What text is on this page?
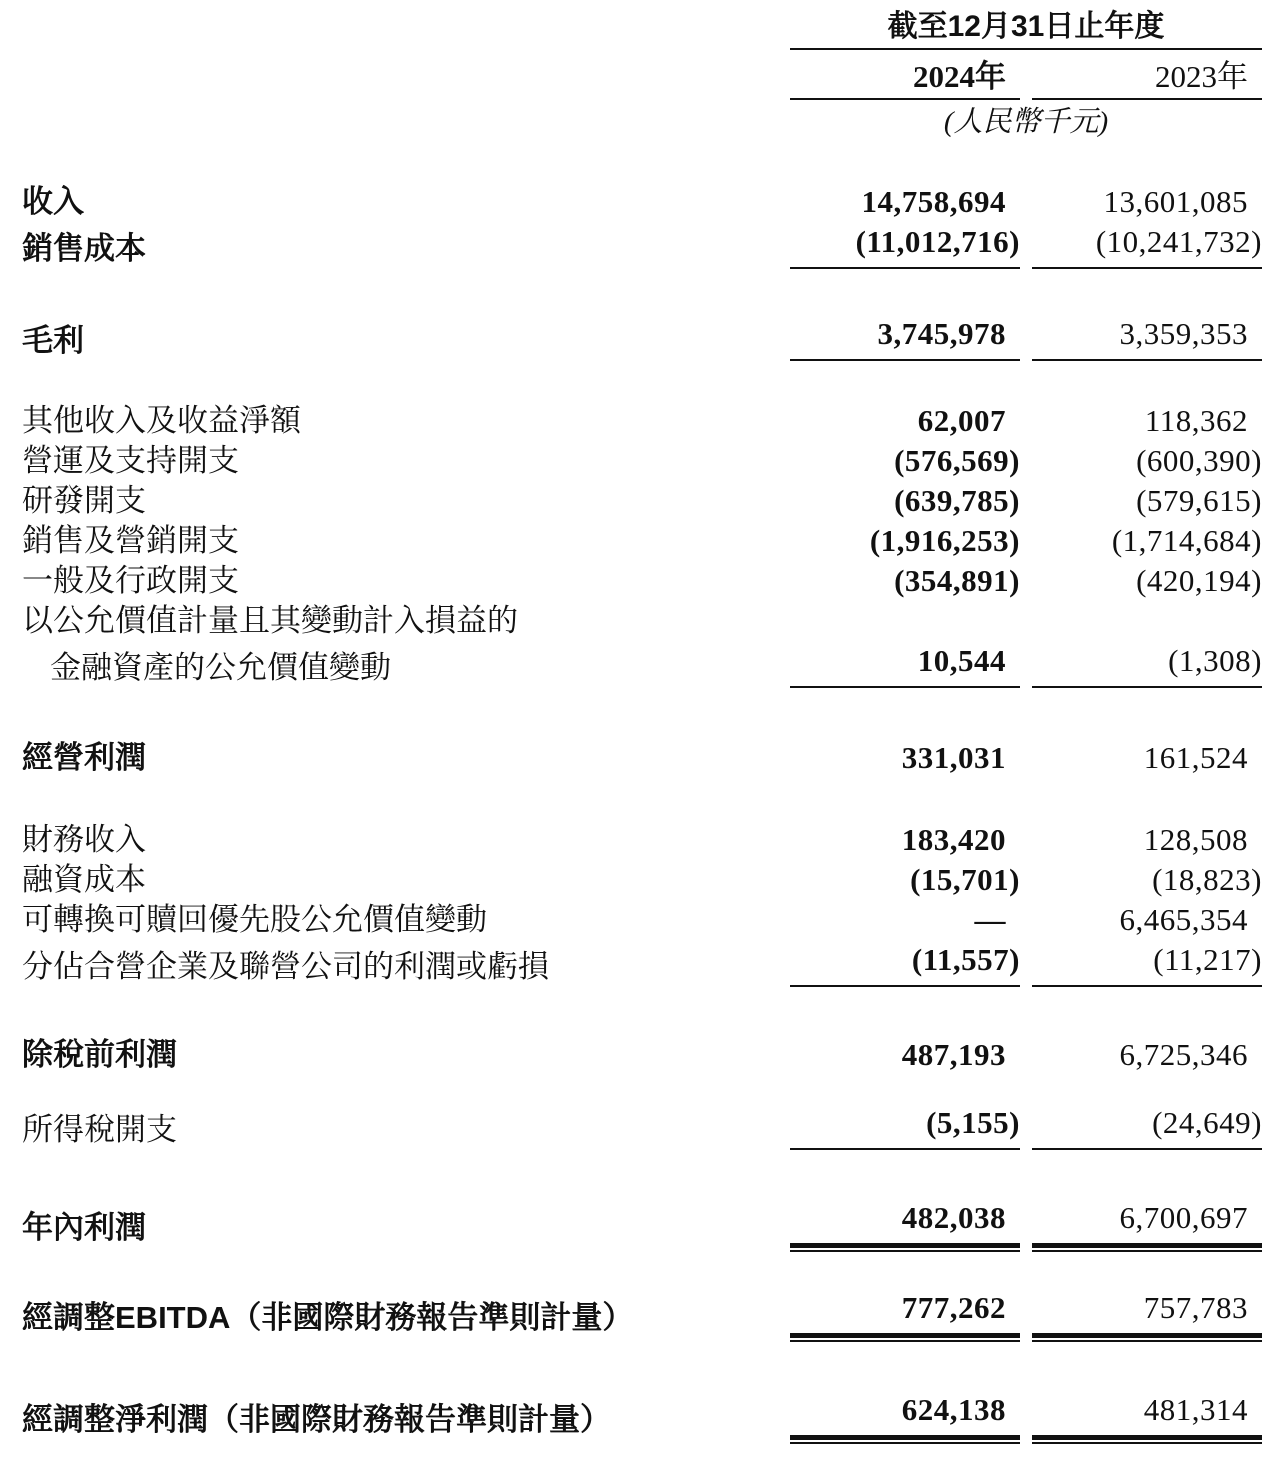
截至12月31日止年度
2024年	2023年
(人民幣千元)
收入	14,758,694	13,601,085
銷售成本	(11,012,716)	(10,241,732)
毛利	3,745,978	3,359,353
其他收入及收益淨額	62,007	118,362
營運及支持開支	(576,569)	(600,390)
研發開支	(639,785)	(579,615)
銷售及營銷開支	(1,916,253)	(1,714,684)
一般及行政開支	(354,891)	(420,194)
以公允價值計量且其變動計入損益的
金融資產的公允價值變動	10,544	(1,308)
經營利潤	331,031	161,524
財務收入	183,420	128,508
融資成本	(15,701)	(18,823)
可轉換可贖回優先股公允價值變動	—	6,465,354
分佔合營企業及聯營公司的利潤或虧損	(11,557)	(11,217)
除稅前利潤	487,193	6,725,346
所得稅開支	(5,155)	(24,649)
年內利潤	482,038	6,700,697
經調整EBITDA（非國際財務報告準則計量）	777,262	757,783
經調整淨利潤（非國際財務報告準則計量）	624,138	481,314
